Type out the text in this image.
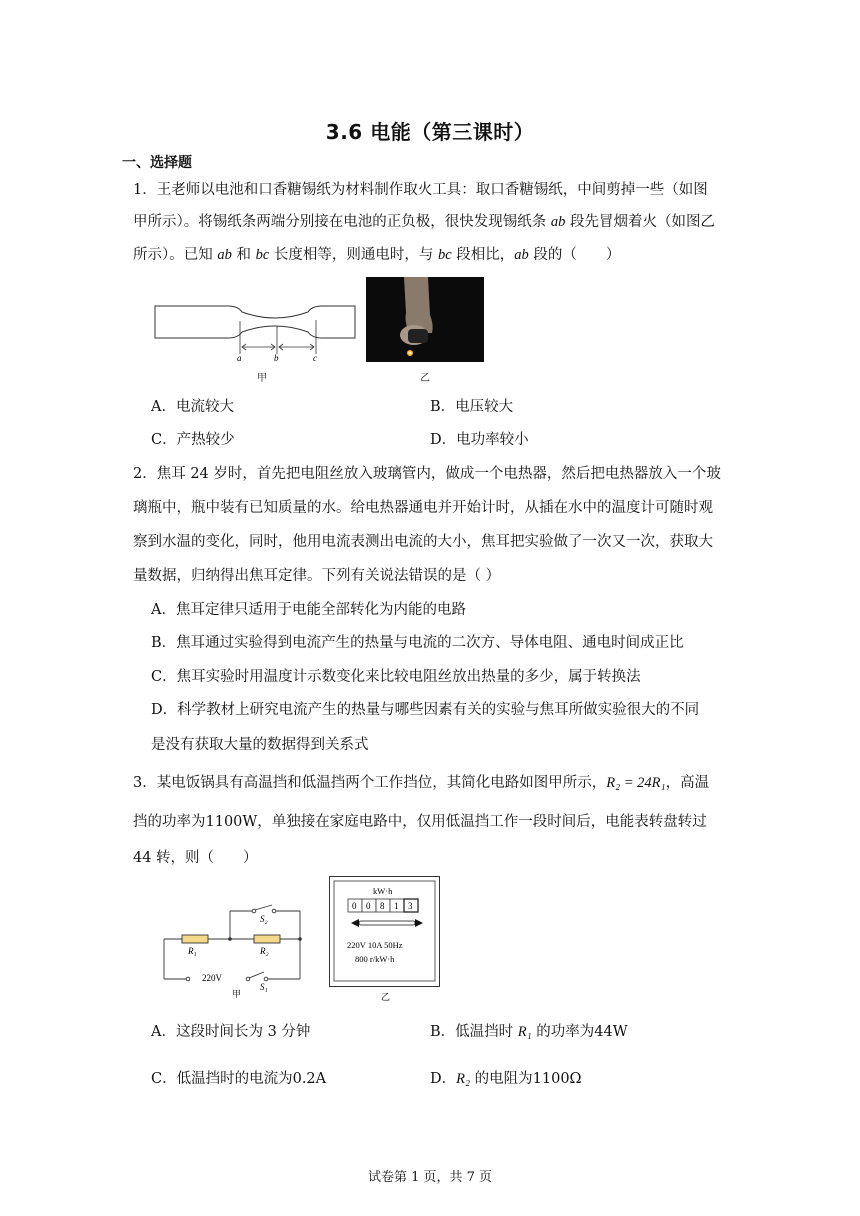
3.6 电能（第三课时）
一、选择题
1．王老师以电池和口香糖锡纸为材料制作取火工具：取口香糖锡纸，中间剪掉一些（如图
甲所示）。将锡纸条两端分别接在电池的正负极，很快发现锡纸条 ab 段先冒烟着火（如图乙
所示）。已知 ab 和 bc 长度相等，则通电时，与 bc 段相比，ab 段的（　　）
a	b	c
甲	乙
A．电流较大	B．电压较大
C．产热较少	D．电功率较小
2．焦耳 24 岁时，首先把电阻丝放入玻璃管内，做成一个电热器，然后把电热器放入一个玻
璃瓶中，瓶中装有已知质量的水。给电热器通电并开始计时，从插在水中的温度计可随时观
察到水温的变化，同时，他用电流表测出电流的大小，焦耳把实验做了一次又一次，获取大
量数据，归纳得出焦耳定律。下列有关说法错误的是（ ）
A．焦耳定律只适用于电能全部转化为内能的电路
B．焦耳通过实验得到电流产生的热量与电流的二次方、导体电阻、通电时间成正比
C．焦耳实验时用温度计示数变化来比较电阻丝放出热量的多少，属于转换法
D．科学教材上研究电流产生的热量与哪些因素有关的实验与焦耳所做实验很大的不同
是没有获取大量的数据得到关系式
3．某电饭锅具有高温挡和低温挡两个工作挡位，其简化电路如图甲所示，R₂ = 24R₁，高温
挡的功率为1100W，单独接在家庭电路中，仅用低温挡工作一段时间后，电能表转盘转过
44 转，则（　　）
S₂
R₁	R₂
220V
S₁
甲
kW·h
0 0 8 1 3
220V 10A 50Hz
800 r/kW·h
乙
A．这段时间长为 3 分钟	B．低温挡时 R₁ 的功率为44W
C．低温挡时的电流为0.2A	D．R₂ 的电阻为1100Ω
试卷第 1 页，共 7 页
